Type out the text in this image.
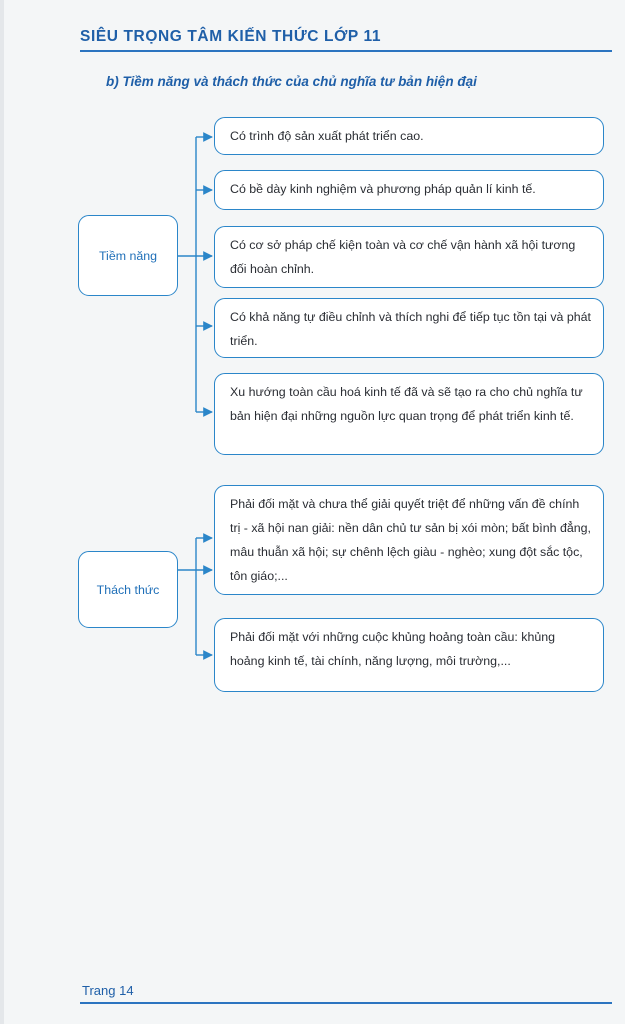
SIÊU TRỌNG TÂM KIẾN THỨC LỚP 11
b) Tiềm năng và thách thức của chủ nghĩa tư bản hiện đại
Tiềm năng
Thách thức
Có trình độ sản xuất phát triển cao.
Có bề dày kinh nghiệm và phương pháp quản lí kinh tế.
Có cơ sở pháp chế kiện toàn và cơ chế vận hành xã hội tương đối hoàn chỉnh.
Có khả năng tự điều chỉnh và thích nghi để tiếp tục tồn tại và phát triển.
Xu hướng toàn cầu hoá kinh tế đã và sẽ tạo ra cho chủ nghĩa tư bản hiện đại những nguồn lực quan trọng để phát triển kinh tế.
Phải đối mặt và chưa thể giải quyết triệt để những vấn đề chính trị - xã hội nan giải: nền dân chủ tư sản bị xói mòn; bất bình đẳng, mâu thuẫn xã hội; sự chênh lệch giàu - nghèo; xung đột sắc tộc, tôn giáo;...
Phải đối mặt với những cuộc khủng hoảng toàn cầu: khủng hoảng kinh tế, tài chính, năng lượng, môi trường,...
Trang 14
